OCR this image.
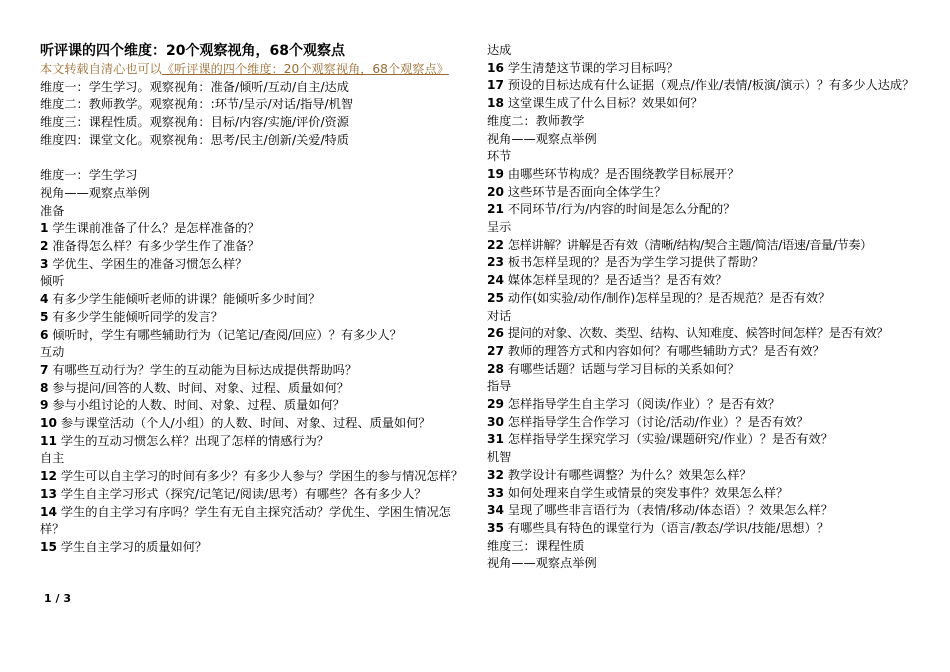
听评课的四个维度：20个观察视角，68个观察点
本文转载自清心也可以《听评课的四个维度：20个观察视角，68个观察点》
维度一：学生学习。观察视角：准备/倾听/互动/自主/达成
维度二：教师教学。观察视角：:环节/呈示/对话/指导/机智
维度三：课程性质。观察视角：目标/内容/实施/评价/资源
维度四：课堂文化。观察视角：思考/民主/创新/关爱/特质
维度一：学生学习
视角——观察点举例
准备
1 学生课前准备了什么？是怎样准备的？
2 准备得怎么样？有多少学生作了准备？
3 学优生、学困生的准备习惯怎么样？
倾听
4 有多少学生能倾听老师的讲课？能倾听多少时间？
5 有多少学生能倾听同学的发言？
6 倾听时，学生有哪些辅助行为（记笔记/查阅/回应）？有多少人？
互动
7 有哪些互动行为？学生的互动能为目标达成提供帮助吗？
8 参与提问/回答的人数、时间、对象、过程、质量如何？
9 参与小组讨论的人数、时间、对象、过程、质量如何？
10 参与课堂活动（个人/小组）的人数、时间、对象、过程、质量如何？
11 学生的互动习惯怎么样？出现了怎样的情感行为？
自主
12 学生可以自主学习的时间有多少？有多少人参与？学困生的参与情况怎样？
13 学生自主学习形式（探究/记笔记/阅读/思考）有哪些？各有多少人？
14 学生的自主学习有序吗？学生有无自主探究活动？学优生、学困生情况怎样？
15 学生自主学习的质量如何？
达成
16 学生清楚这节课的学习目标吗？
17 预设的目标达成有什么证据（观点/作业/表情/板演/演示）？有多少人达成？
18 这堂课生成了什么目标？效果如何？
维度二：教师教学
视角——观察点举例
环节
19 由哪些环节构成？是否围绕教学目标展开？
20 这些环节是否面向全体学生？
21 不同环节/行为/内容的时间是怎么分配的？
呈示
22 怎样讲解？讲解是否有效（清晰/结构/契合主题/简洁/语速/音量/节奏）
23 板书怎样呈现的？是否为学生学习提供了帮助？
24 媒体怎样呈现的？是否适当？是否有效？
25 动作(如实验/动作/制作)怎样呈现的？是否规范？是否有效？
对话
26 提问的对象、次数、类型、结构、认知难度、候答时间怎样？是否有效？
27 教师的理答方式和内容如何？有哪些辅助方式？是否有效？
28 有哪些话题？话题与学习目标的关系如何？
指导
29 怎样指导学生自主学习（阅读/作业）？是否有效？
30 怎样指导学生合作学习（讨论/活动/作业）？是否有效？
31 怎样指导学生探究学习（实验/课题研究/作业）？是否有效？
机智
32 教学设计有哪些调整？为什么？效果怎么样？
33 如何处理来自学生或情景的突发事件？效果怎么样？
34 呈现了哪些非言语行为（表情/移动/体态语）？效果怎么样？
35 有哪些具有特色的课堂行为（语言/教态/学识/技能/思想）？
维度三：课程性质
视角——观察点举例
1 / 3
